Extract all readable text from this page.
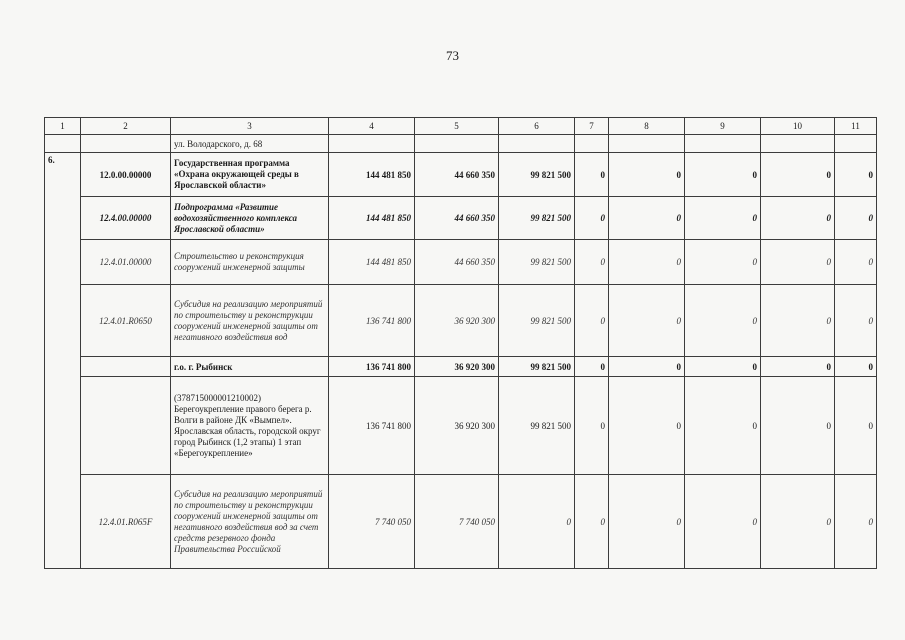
73
1	2	3	4	5	6	7	8	9	10	11
		ул. Володарского, д. 68								
6.	12.0.00.00000	Государственная программа «Охрана окружающей среды в Ярославской области»	144 481 850	44 660 350	99 821 500	0	0	0	0	0
	12.4.00.00000	Подпрограмма «Развитие водохозяйственного комплекса Ярославской области»	144 481 850	44 660 350	99 821 500	0	0	0	0	0
	12.4.01.00000	Строительство и реконструкция сооружений инженерной защиты	144 481 850	44 660 350	99 821 500	0	0	0	0	0
	12.4.01.R0650	Субсидия на реализацию мероприятий по строительству и реконструкции сооружений инженерной защиты от негативного воздействия вод	136 741 800	36 920 300	99 821 500	0	0	0	0	0
		г.о. г. Рыбинск	136 741 800	36 920 300	99 821 500	0	0	0	0	0
		(378715000001210002) Берегоукрепление правого берега р. Волги в районе ДК «Вымпел». Ярославская область, городской округ город Рыбинск (1,2 этапы) 1 этап «Берегоукрепление»	136 741 800	36 920 300	99 821 500	0	0	0	0	0
	12.4.01.R065F	Субсидия на реализацию мероприятий по строительству и реконструкции сооружений инженерной защиты от негативного воздействия вод за счет средств резервного фонда Правительства Российской	7 740 050	7 740 050	0	0	0	0	0	0
